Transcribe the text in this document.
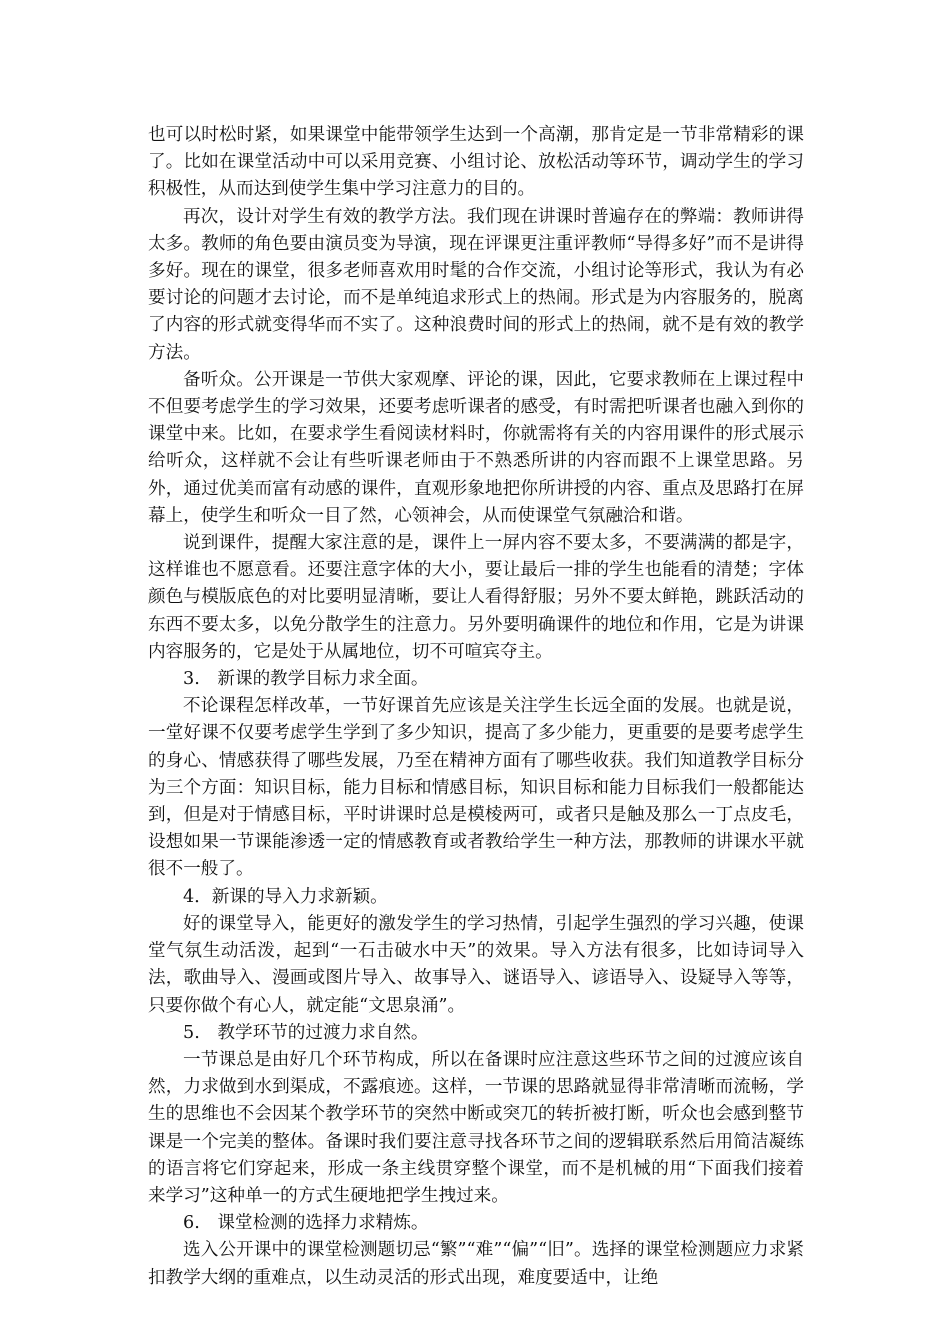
也可以时松时紧，如果课堂中能带领学生达到一个高潮，那肯定是一节非常精彩的课了。比如在课堂活动中可以采用竞赛、小组讨论、放松活动等环节，调动学生的学习积极性，从而达到使学生集中学习注意力的目的。

再次，设计对学生有效的教学方法。我们现在讲课时普遍存在的弊端：教师讲得太多。教师的角色要由演员变为导演，现在评课更注重评教师“导得多好”而不是讲得多好。现在的课堂，很多老师喜欢用时髦的合作交流，小组讨论等形式，我认为有必要讨论的问题才去讨论，而不是单纯追求形式上的热闹。形式是为内容服务的，脱离了内容的形式就变得华而不实了。这种浪费时间的形式上的热闹，就不是有效的教学方法。

备听众。公开课是一节供大家观摩、评论的课，因此，它要求教师在上课过程中不但要考虑学生的学习效果，还要考虑听课者的感受，有时需把听课者也融入到你的课堂中来。比如，在要求学生看阅读材料时，你就需将有关的内容用课件的形式展示给听众，这样就不会让有些听课老师由于不熟悉所讲的内容而跟不上课堂思路。另外，通过优美而富有动感的课件，直观形象地把你所讲授的内容、重点及思路打在屏幕上，使学生和听众一目了然，心领神会，从而使课堂气氛融洽和谐。

说到课件，提醒大家注意的是，课件上一屏内容不要太多，不要满满的都是字，这样谁也不愿意看。还要注意字体的大小，要让最后一排的学生也能看的清楚；字体颜色与模版底色的对比要明显清晰，要让人看得舒服；另外不要太鲜艳，跳跃活动的东西不要太多，以免分散学生的注意力。另外要明确课件的地位和作用，它是为讲课内容服务的，它是处于从属地位，切不可喧宾夺主。

3.　新课的教学目标力求全面。

不论课程怎样改革，一节好课首先应该是关注学生长远全面的发展。也就是说，一堂好课不仅要考虑学生学到了多少知识，提高了多少能力，更重要的是要考虑学生的身心、情感获得了哪些发展，乃至在精神方面有了哪些收获。我们知道教学目标分为三个方面：知识目标，能力目标和情感目标，知识目标和能力目标我们一般都能达到，但是对于情感目标，平时讲课时总是模棱两可，或者只是触及那么一丁点皮毛，设想如果一节课能渗透一定的情感教育或者教给学生一种方法，那教师的讲课水平就很不一般了。

4．新课的导入力求新颖。

好的课堂导入，能更好的激发学生的学习热情，引起学生强烈的学习兴趣，使课堂气氛生动活泼，起到“一石击破水中天”的效果。导入方法有很多，比如诗词导入法，歌曲导入、漫画或图片导入、故事导入、谜语导入、谚语导入、设疑导入等等，只要你做个有心人，就定能“文思泉涌”。

5.　教学环节的过渡力求自然。

一节课总是由好几个环节构成，所以在备课时应注意这些环节之间的过渡应该自然，力求做到水到渠成，不露痕迹。这样，一节课的思路就显得非常清晰而流畅，学生的思维也不会因某个教学环节的突然中断或突兀的转折被打断，听众也会感到整节课是一个完美的整体。备课时我们要注意寻找各环节之间的逻辑联系然后用简洁凝练的语言将它们穿起来，形成一条主线贯穿整个课堂，而不是机械的用“下面我们接着来学习”这种单一的方式生硬地把学生拽过来。

6.　课堂检测的选择力求精炼。

选入公开课中的课堂检测题切忌“繁”“难”“偏”“旧”。选择的课堂检测题应力求紧扣教学大纲的重难点，以生动灵活的形式出现，难度要适中，让绝
